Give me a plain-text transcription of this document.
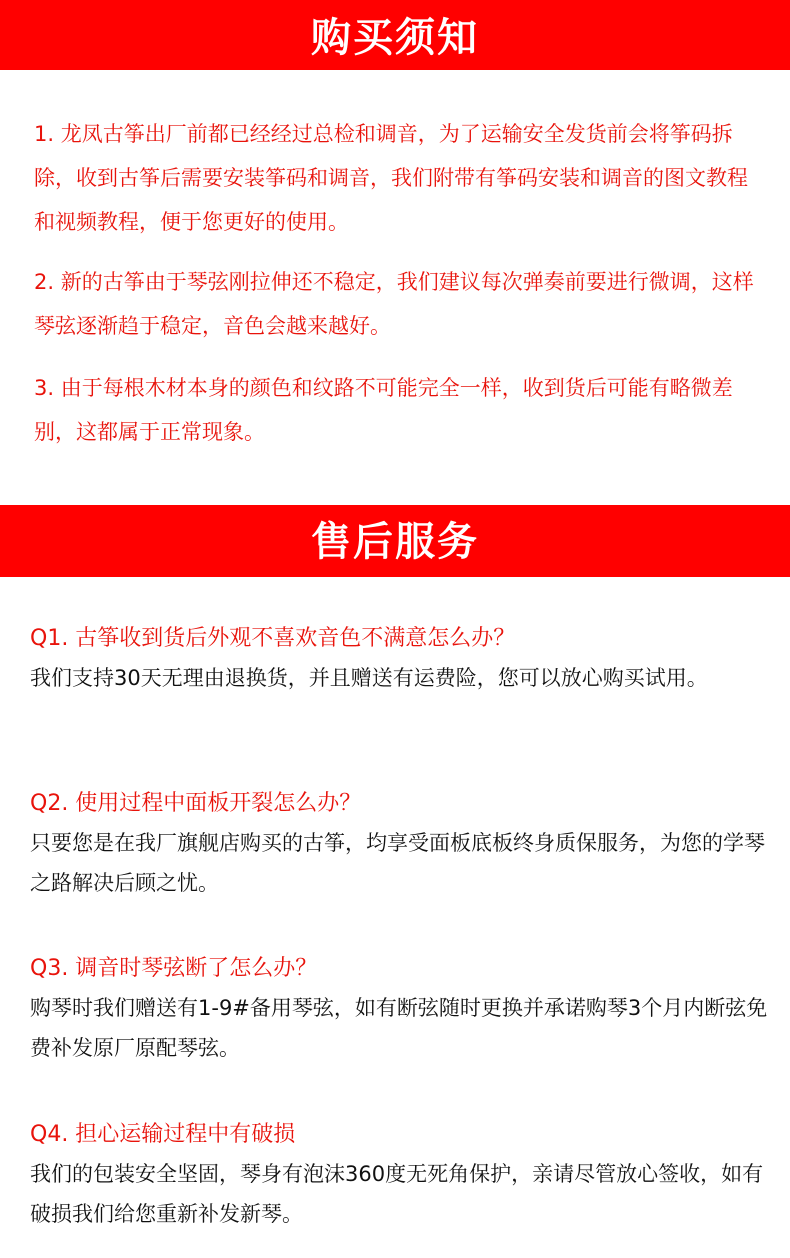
购买须知

1. 龙凤古筝出厂前都已经经过总检和调音，为了运输安全发货前会将筝码拆除，收到古筝后需要安装筝码和调音，我们附带有筝码安装和调音的图文教程和视频教程，便于您更好的使用。

2. 新的古筝由于琴弦刚拉伸还不稳定，我们建议每次弹奏前要进行微调，这样琴弦逐渐趋于稳定，音色会越来越好。

3. 由于每根木材本身的颜色和纹路不可能完全一样，收到货后可能有略微差别，这都属于正常现象。

售后服务

Q1. 古筝收到货后外观不喜欢音色不满意怎么办？

我们支持30天无理由退换货，并且赠送有运费险，您可以放心购买试用。

Q2. 使用过程中面板开裂怎么办？

只要您是在我厂旗舰店购买的古筝，均享受面板底板终身质保服务，为您的学琴之路解决后顾之忧。

Q3. 调音时琴弦断了怎么办？

购琴时我们赠送有1-9#备用琴弦，如有断弦随时更换并承诺购琴3个月内断弦免费补发原厂原配琴弦。

Q4. 担心运输过程中有破损

我们的包装安全坚固，琴身有泡沫360度无死角保护，亲请尽管放心签收，如有破损我们给您重新补发新琴。
